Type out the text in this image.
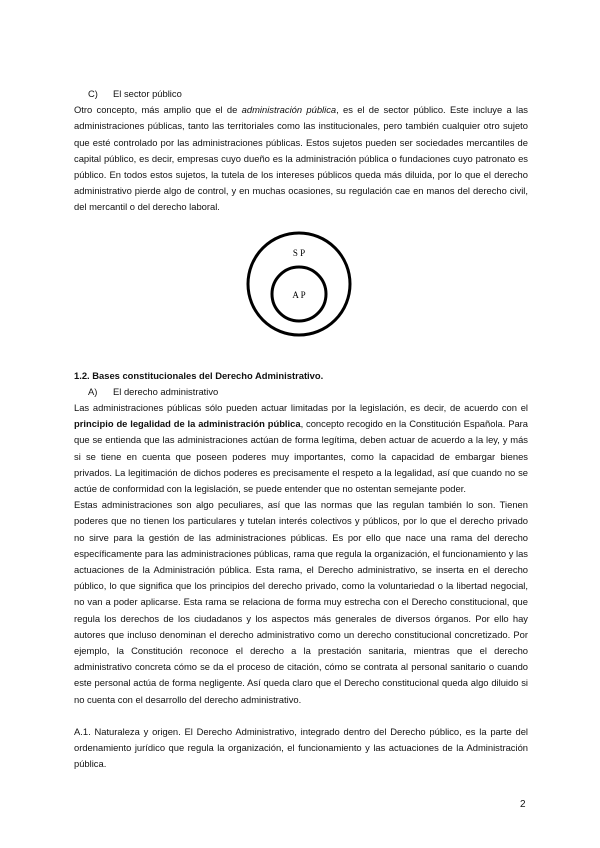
C)	El sector público

Otro concepto, más amplio que el de administración pública, es el de sector público. Este incluye a las administraciones públicas, tanto las territoriales como las institucionales, pero también cualquier otro sujeto que esté controlado por las administraciones públicas. Estos sujetos pueden ser sociedades mercantiles de capital público, es decir, empresas cuyo dueño es la administración pública o fundaciones cuyo patronato es público. En todos estos sujetos, la tutela de los intereses públicos queda más diluida, por lo que el derecho administrativo pierde algo de control, y en muchas ocasiones, su regulación cae en manos del derecho civil, del mercantil o del derecho laboral.

S P
A P
1.2. Bases constitucionales del Derecho Administrativo.
A)	El derecho administrativo

Las administraciones públicas sólo pueden actuar limitadas por la legislación, es decir, de acuerdo con el principio de legalidad de la administración pública, concepto recogido en la Constitución Española. Para que se entienda que las administraciones actúan de forma legítima, deben actuar de acuerdo a la ley, y más si se tiene en cuenta que poseen poderes muy importantes, como la capacidad de embargar bienes privados. La legitimación de dichos poderes es precisamente el respeto a la legalidad, así que cuando no se actúe de conformidad con la legislación, se puede entender que no ostentan semejante poder.

Estas administraciones son algo peculiares, así que las normas que las regulan también lo son. Tienen poderes que no tienen los particulares y tutelan interés colectivos y públicos, por lo que el derecho privado no sirve para la gestión de las administraciones públicas. Es por ello que nace una rama del derecho específicamente para las administraciones públicas, rama que regula la organización, el funcionamiento y las actuaciones de la Administración pública. Esta rama, el Derecho administrativo, se inserta en el derecho público, lo que significa que los principios del derecho privado, como la voluntariedad o la libertad negocial, no van a poder aplicarse. Esta rama se relaciona de forma muy estrecha con el Derecho constitucional, que regula los derechos de los ciudadanos y los aspectos más generales de diversos órganos. Por ello hay autores que incluso denominan el derecho administrativo como un derecho constitucional concretizado. Por ejemplo, la Constitución reconoce el derecho a la prestación sanitaria, mientras que el derecho administrativo concreta cómo se da el proceso de citación, cómo se contrata al personal sanitario o cuando este personal actúa de forma negligente. Así queda claro que el Derecho constitucional queda algo diluido si no cuenta con el desarrollo del derecho administrativo.

A.1. Naturaleza y origen. El Derecho Administrativo, integrado dentro del Derecho público, es la parte del ordenamiento jurídico que regula la organización, el funcionamiento y las actuaciones de la Administración pública.

2
